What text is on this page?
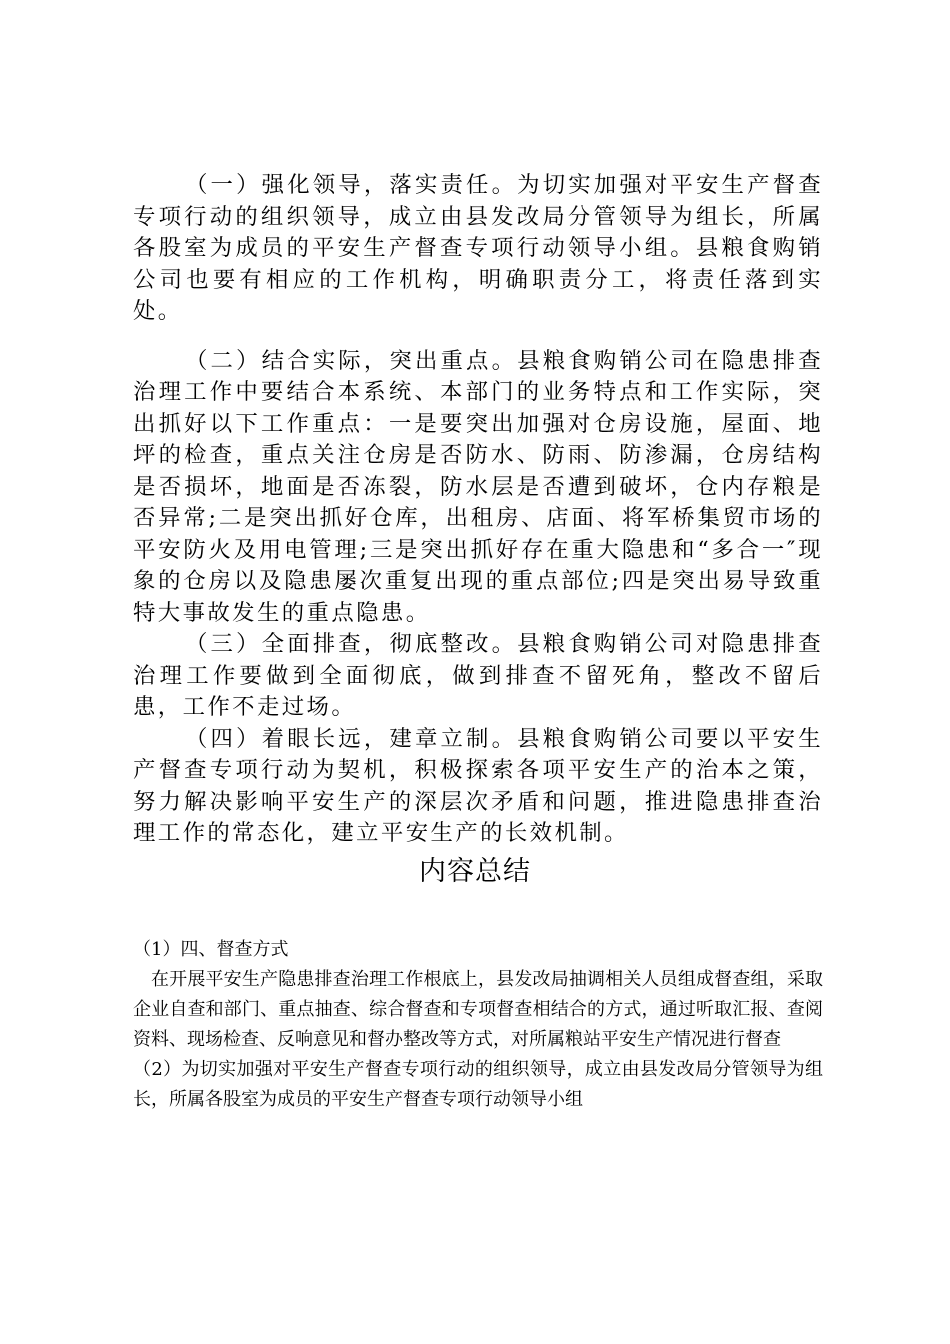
（一）强化领导，落实责任。为切实加强对平安生产督查专项行动的组织领导，成立由县发改局分管领导为组长，所属各股室为成员的平安生产督查专项行动领导小组。县粮食购销公司也要有相应的工作机构，明确职责分工，将责任落到实处。

（二）结合实际，突出重点。县粮食购销公司在隐患排查治理工作中要结合本系统、本部门的业务特点和工作实际，突出抓好以下工作重点：一是要突出加强对仓房设施，屋面、地坪的检查，重点关注仓房是否防水、防雨、防渗漏，仓房结构是否损坏，地面是否冻裂，防水层是否遭到破坏，仓内存粮是否异常;二是突出抓好仓库，出租房、店面、将军桥集贸市场的平安防火及用电管理;三是突出抓好存在重大隐患和“多合一″现象的仓房以及隐患屡次重复出现的重点部位;四是突出易导致重特大事故发生的重点隐患。

（三）全面排查，彻底整改。县粮食购销公司对隐患排查治理工作要做到全面彻底，做到排查不留死角，整改不留后患，工作不走过场。

（四）着眼长远，建章立制。县粮食购销公司要以平安生产督查专项行动为契机，积极探索各项平安生产的治本之策，努力解决影响平安生产的深层次矛盾和问题，推进隐患排查治理工作的常态化，建立平安生产的长效机制。

内容总结

（1）四、督查方式

在开展平安生产隐患排查治理工作根底上，县发改局抽调相关人员组成督查组，采取企业自查和部门、重点抽查、综合督查和专项督查相结合的方式，通过听取汇报、查阅资料、现场检查、反响意见和督办整改等方式，对所属粮站平安生产情况进行督查

（2）为切实加强对平安生产督查专项行动的组织领导，成立由县发改局分管领导为组长，所属各股室为成员的平安生产督查专项行动领导小组
